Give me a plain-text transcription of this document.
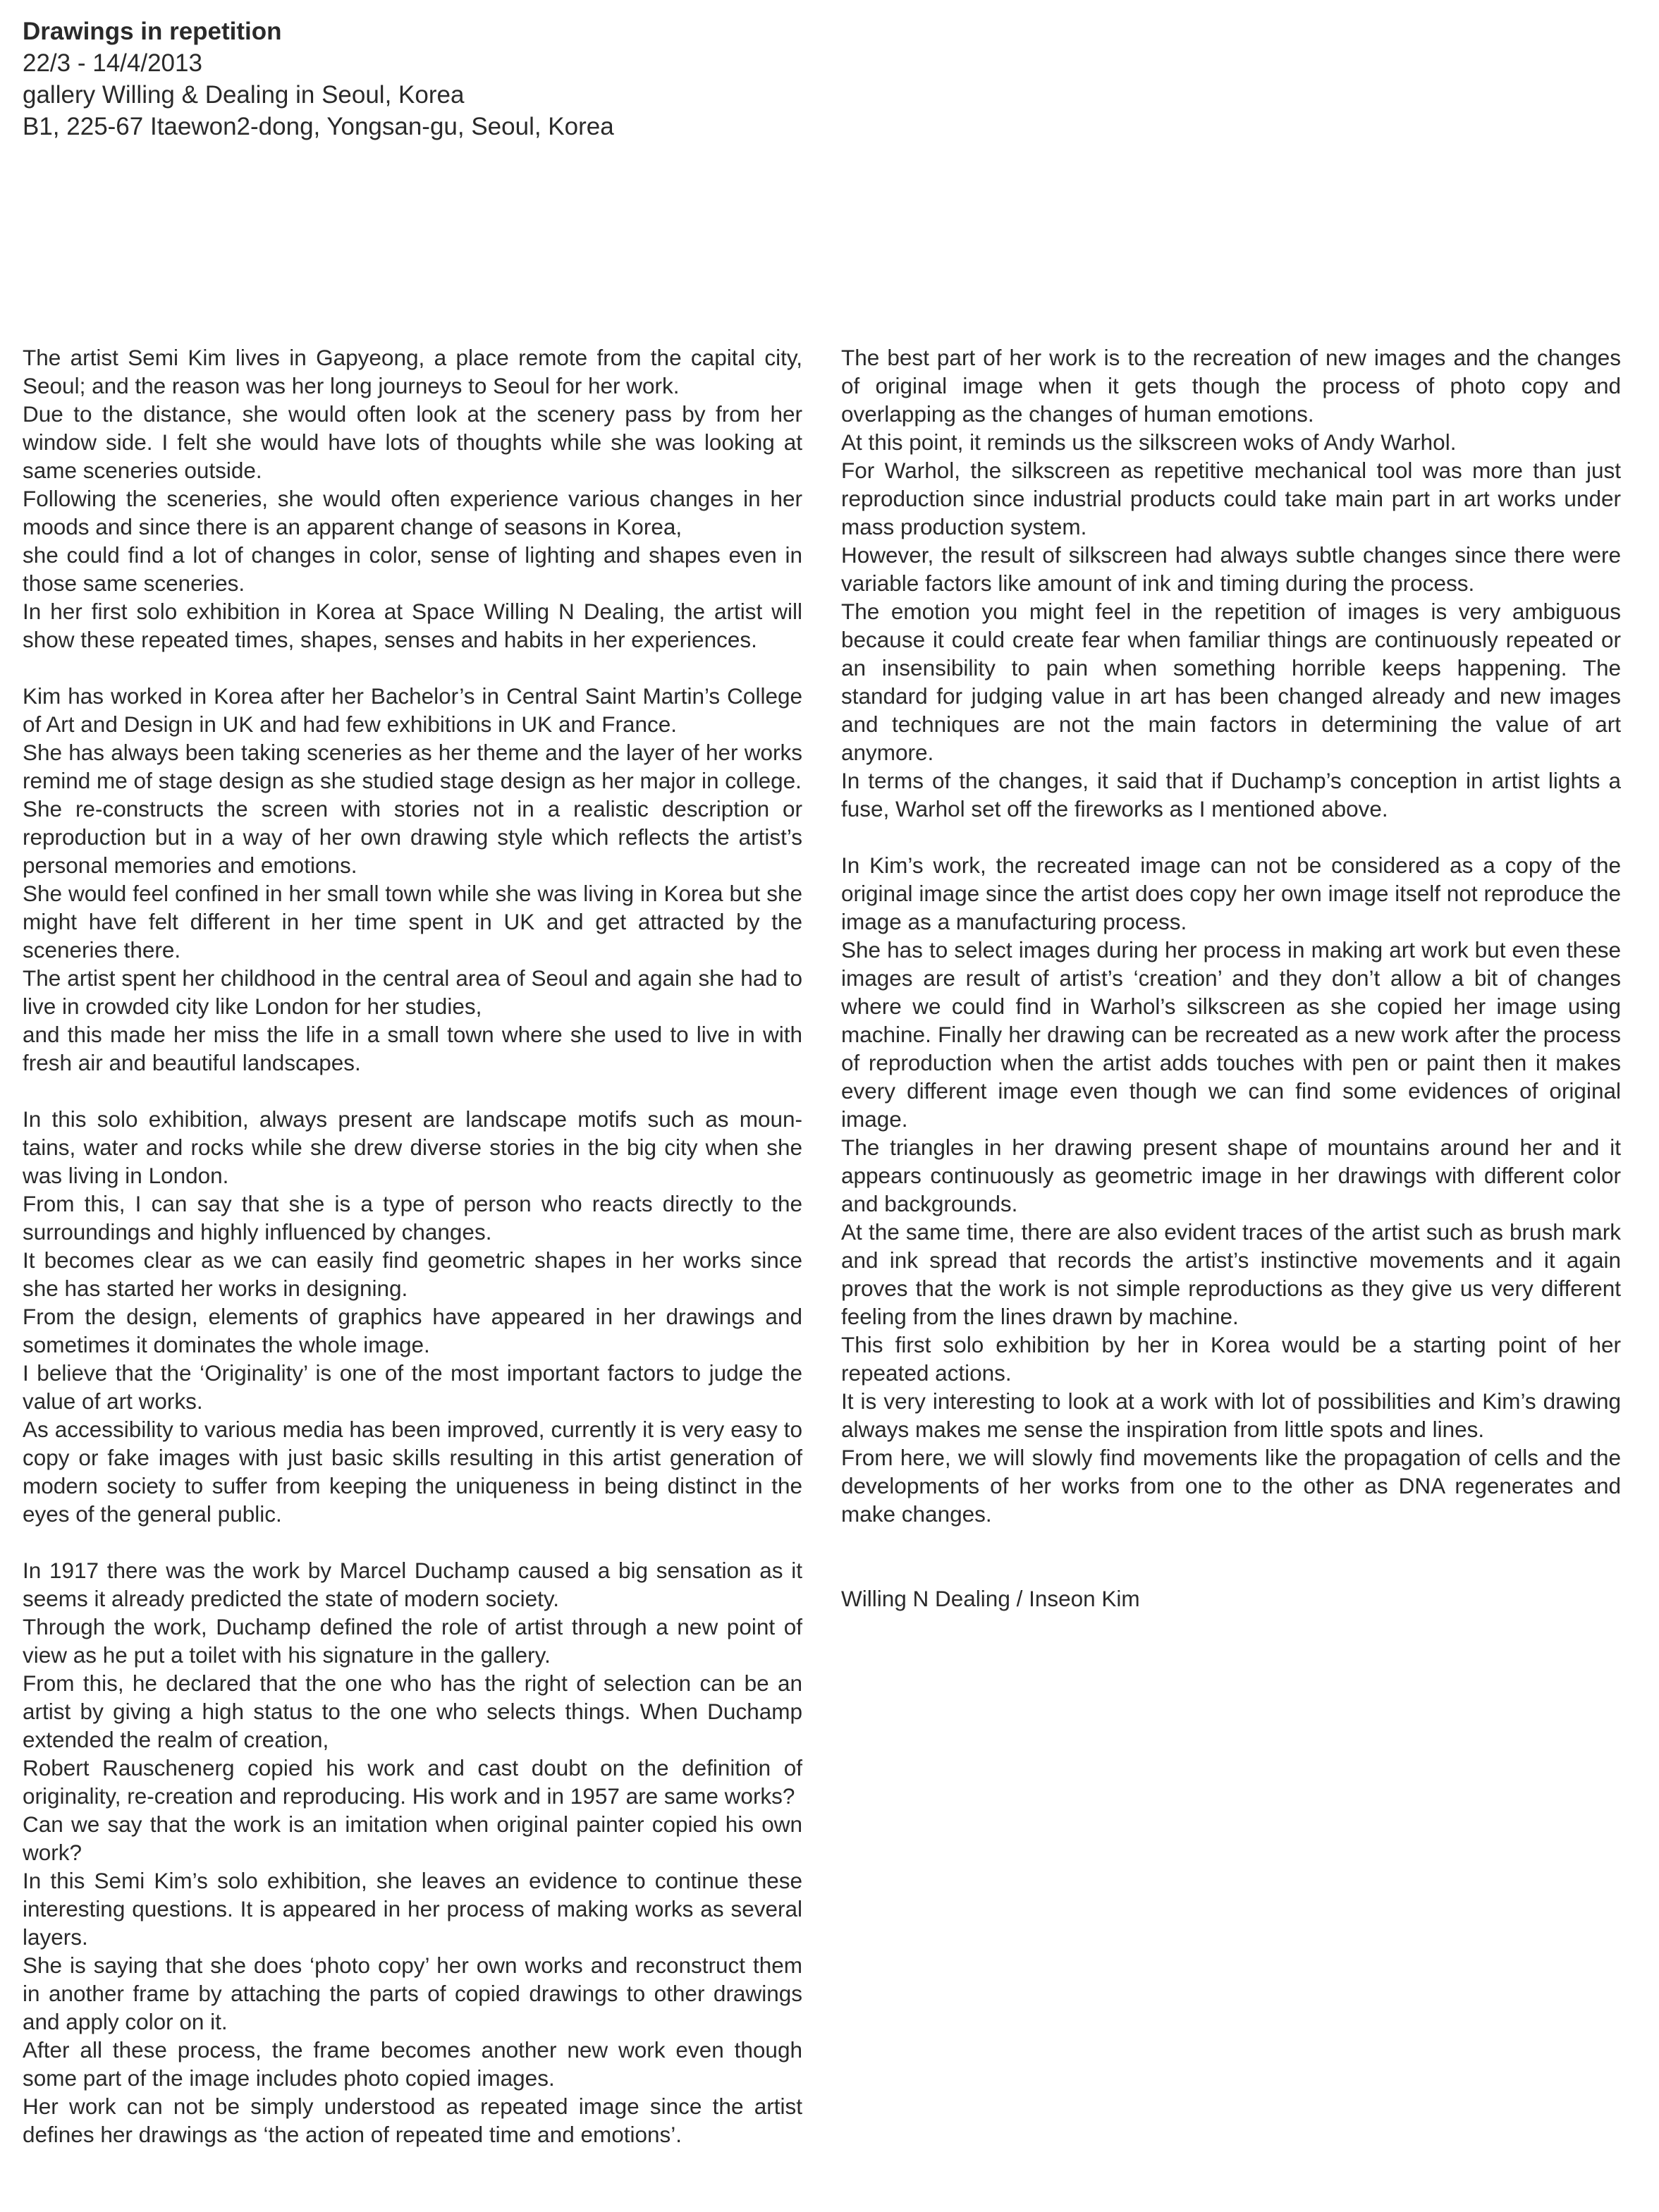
Drawings in repetition

22/3 - 14/4/2013

gallery Willing & Dealing in Seoul, Korea

B1, 225-67 Itaewon2-dong, Yongsan-gu, Seoul, Korea

The artist Semi Kim lives in Gapyeong, a place remote from the capital city, Seoul; and the reason was her long journeys to Seoul for her work.

Due to the distance, she would often look at the scenery pass by from her window side. I felt she would have lots of thoughts while she was looking at same sceneries outside.

Following the sceneries, she would often experience various changes in her moods and since there is an apparent change of seasons in Korea,

she could find a lot of changes in color, sense of lighting and shapes even in those same sceneries.

In her first solo exhibition in Korea at Space Willing N Dealing, the artist will show these repeated times, shapes, senses and habits in her experiences.

Kim has worked in Korea after her Bachelor’s in Central Saint Martin’s College of Art and Design in UK and had few exhibitions in UK and France.

She has always been taking sceneries as her theme and the layer of her works remind me of stage design as she studied stage design as her major in college.

She re-constructs the screen with stories not in a realistic description or reproduction but in a way of her own drawing style which reflects the artist’s personal memories and emotions.

She would feel confined in her small town while she was living in Korea but she might have felt different in her time spent in UK and get attracted by the sceneries there.

The artist spent her childhood in the central area of Seoul and again she had to live in crowded city like London for her studies,

and this made her miss the life in a small town where she used to live in with fresh air and beautiful landscapes.

In this solo exhibition, always present are landscape motifs such as moun-tains, water and rocks while she drew diverse stories in the big city when she was living in London.

From this, I can say that she is a type of person who reacts directly to the surroundings and highly influenced by changes.

It becomes clear as we can easily find geometric shapes in her works since she has started her works in designing.

From the design, elements of graphics have appeared in her drawings and sometimes it dominates the whole image.

I believe that the ‘Originality’ is one of the most important factors to judge the value of art works.

As accessibility to various media has been improved, currently it is very easy to copy or fake images with just basic skills resulting in this artist generation of modern society to suffer from keeping the uniqueness in being distinct in the eyes of the general public.

In 1917 there was the work by Marcel Duchamp caused a big sensation as it seems it already predicted the state of modern society.

Through the work, Duchamp defined the role of artist through a new point of view as he put a toilet with his signature in the gallery.

From this, he declared that the one who has the right of selection can be an artist by giving a high status to the one who selects things. When Duchamp extended the realm of creation,

Robert Rauschenerg copied his work and cast doubt on the definition of originality, re-creation and reproducing. His work and in 1957 are same works?

Can we say that the work is an imitation when original painter copied his own work?

In this Semi Kim’s solo exhibition, she leaves an evidence to continue these interesting questions. It is appeared in her process of making works as several layers.

She is saying that she does ‘photo copy’ her own works and reconstruct them in another frame by attaching the parts of copied drawings to other drawings and apply color on it.

After all these process, the frame becomes another new work even though some part of the image includes photo copied images.

Her work can not be simply understood as repeated image since the artist defines her drawings as ‘the action of repeated time and emotions’.

The best part of her work is to the recreation of new images and the changes of original image when it gets though the process of photo copy and overlapping as the changes of human emotions.

At this point, it reminds us the silkscreen woks of Andy Warhol.

For Warhol, the silkscreen as repetitive mechanical tool was more than just reproduction since industrial products could take main part in art works under mass production system.

However, the result of silkscreen had always subtle changes since there were variable factors like amount of ink and timing during the process.

The emotion you might feel in the repetition of images is very ambiguous because it could create fear when familiar things are continuously repeated or an insensibility to pain when something horrible keeps happening. The standard for judging value in art has been changed already and new images and techniques are not the main factors in determining the value of art anymore.

In terms of the changes, it said that if Duchamp’s conception in artist lights a fuse, Warhol set off the fireworks as I mentioned above.

In Kim’s work, the recreated image can not be considered as a copy of the original image since the artist does copy her own image itself not reproduce the image as a manufacturing process.

She has to select images during her process in making art work but even these images are result of artist’s ‘creation’ and they don’t allow a bit of changes where we could find in Warhol’s silkscreen as she copied her image using machine. Finally her drawing can be recreated as a new work after the process of reproduction when the artist adds touches with pen or paint then it makes every different image even though we can find some evidences of original image.

The triangles in her drawing present shape of mountains around her and it appears continuously as geometric image in her drawings with different color and backgrounds.

At the same time, there are also evident traces of the artist such as brush mark and ink spread that records the artist’s instinctive movements and it again proves that the work is not simple reproductions as they give us very different feeling from the lines drawn by machine.

This first solo exhibition by her in Korea would be a starting point of her repeated actions.

It is very interesting to look at a work with lot of possibilities and Kim’s drawing always makes me sense the inspiration from little spots and lines.

From here, we will slowly find movements like the propagation of cells and the developments of her works from one to the other as DNA regenerates and make changes.

Willing N Dealing / Inseon Kim
